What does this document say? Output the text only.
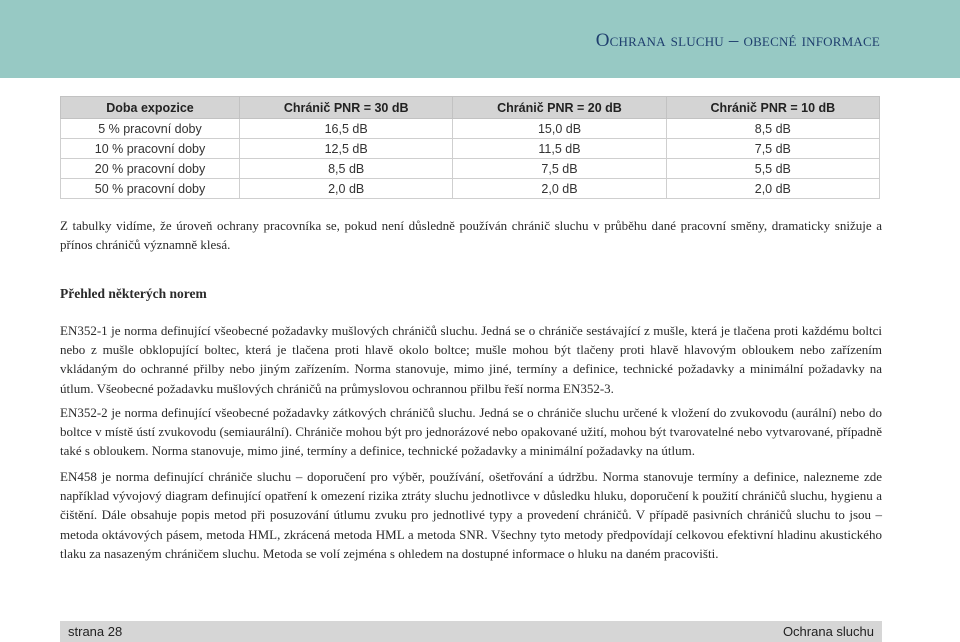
Ochrana sluchu – obecné informace
Doba expozice	Chránič PNR = 30 dB	Chránič PNR = 20 dB	Chránič PNR = 10 dB
5 % pracovní doby	16,5 dB	15,0 dB	8,5 dB
10 % pracovní doby	12,5 dB	11,5 dB	7,5 dB
20 % pracovní doby	8,5 dB	7,5 dB	5,5 dB
50 % pracovní doby	2,0 dB	2,0 dB	2,0 dB
Z tabulky vidíme, že úroveň ochrany pracovníka se, pokud není důsledně používán chránič sluchu v průběhu dané pracovní směny, dramaticky snižuje a přínos chráničů významně klesá.
Přehled některých norem
EN352-1 je norma definující všeobecné požadavky mušlových chráničů sluchu. Jedná se o chrániče sestávající z mušle, která je tlačena proti každému boltci nebo z mušle obklopující boltec, která je tlačena proti hlavě okolo boltce; mušle mohou být tlačeny proti hlavě hlavovým obloukem nebo zařízením vkládaným do ochranné přilby nebo jiným zařízením. Norma stanovuje, mimo jiné, termíny a definice, technické požadavky a minimální požadavky na útlum. Všeobecné požadavku mušlových chráničů na průmyslovou ochrannou přilbu řeší norma EN352-3.
EN352-2 je norma definující všeobecné požadavky zátkových chráničů sluchu. Jedná se o chrániče sluchu určené k vložení do zvukovodu (aurální) nebo do boltce v místě ústí zvukovodu (semiaurální). Chrániče mohou být pro jednorázové nebo opakované užití, mohou být tvarovatelné nebo vytvarované, případně také s obloukem. Norma stanovuje, mimo jiné, termíny a definice, technické požadavky a minimální požadavky na útlum.
EN458 je norma definující chrániče sluchu – doporučení pro výběr, používání, ošetřování a údržbu. Norma stanovuje termíny a definice, nalezneme zde například vývojový diagram definující opatření k omezení rizika ztráty sluchu jednotlivce v důsledku hluku, doporučení k použití chráničů sluchu, hygienu a čištění. Dále obsahuje popis metod při posuzování útlumu zvuku pro jednotlivé typy a provedení chráničů. V případě pasivních chráničů sluchu to jsou – metoda oktávových pásem, metoda HML, zkrácená metoda HML a metoda SNR. Všechny tyto metody předpovídají celkovou efektivní hladinu akustického tlaku za nasazeným chráničem sluchu. Metoda se volí zejména s ohledem na dostupné informace o hluku na daném pracovišti.
strana 28	Ochrana sluchu
